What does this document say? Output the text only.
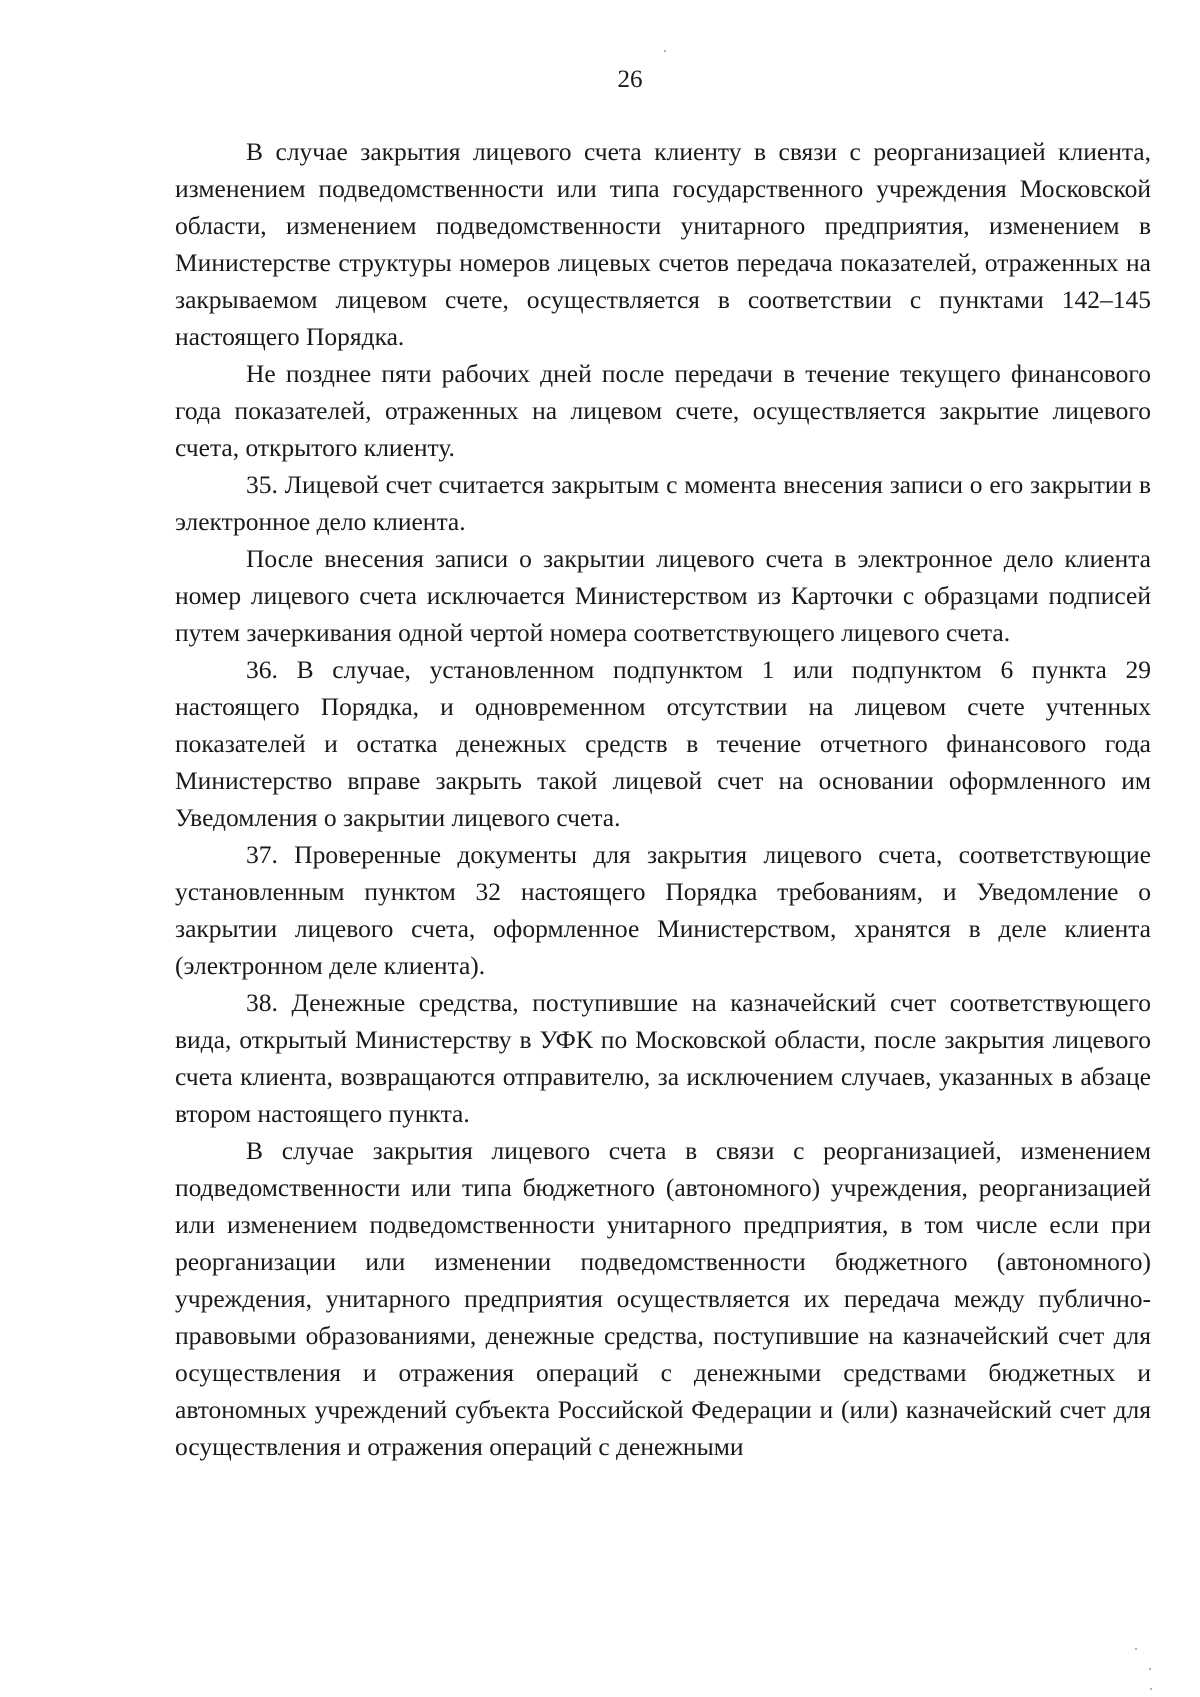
26

В случае закрытия лицевого счета клиенту в связи с реорганизацией клиента, изменением подведомственности или типа государственного учреждения Московской области, изменением подведомственности унитарного предприятия, изменением в Министерстве структуры номеров лицевых счетов передача показателей, отраженных на закрываемом лицевом счете, осуществляется в соответствии с пунктами 142–145 настоящего Порядка.

Не позднее пяти рабочих дней после передачи в течение текущего финансового года показателей, отраженных на лицевом счете, осуществляется закрытие лицевого счета, открытого клиенту.

35. Лицевой счет считается закрытым с момента внесения записи о его закрытии в электронное дело клиента.

После внесения записи о закрытии лицевого счета в электронное дело клиента номер лицевого счета исключается Министерством из Карточки с образцами подписей путем зачеркивания одной чертой номера соответствующего лицевого счета.

36. В случае, установленном подпунктом 1 или подпунктом 6 пункта 29 настоящего Порядка, и одновременном отсутствии на лицевом счете учтенных показателей и остатка денежных средств в течение отчетного финансового года Министерство вправе закрыть такой лицевой счет на основании оформленного им Уведомления о закрытии лицевого счета.

37. Проверенные документы для закрытия лицевого счета, соответствующие установленным пунктом 32 настоящего Порядка требованиям, и Уведомление о закрытии лицевого счета, оформленное Министерством, хранятся в деле клиента (электронном деле клиента).

38. Денежные средства, поступившие на казначейский счет соответствующего вида, открытый Министерству в УФК по Московской области, после закрытия лицевого счета клиента, возвращаются отправителю, за исключением случаев, указанных в абзаце втором настоящего пункта.

В случае закрытия лицевого счета в связи с реорганизацией, изменением подведомственности или типа бюджетного (автономного) учреждения, реорганизацией или изменением подведомственности унитарного предприятия, в том числе если при реорганизации или изменении подведомственности бюджетного (автономного) учреждения, унитарного предприятия осуществляется их передача между публично-правовыми образованиями, денежные средства, поступившие на казначейский счет для осуществления и отражения операций с денежными средствами бюджетных и автономных учреждений субъекта Российской Федерации и (или) казначейский счет для осуществления и отражения операций с денежными
